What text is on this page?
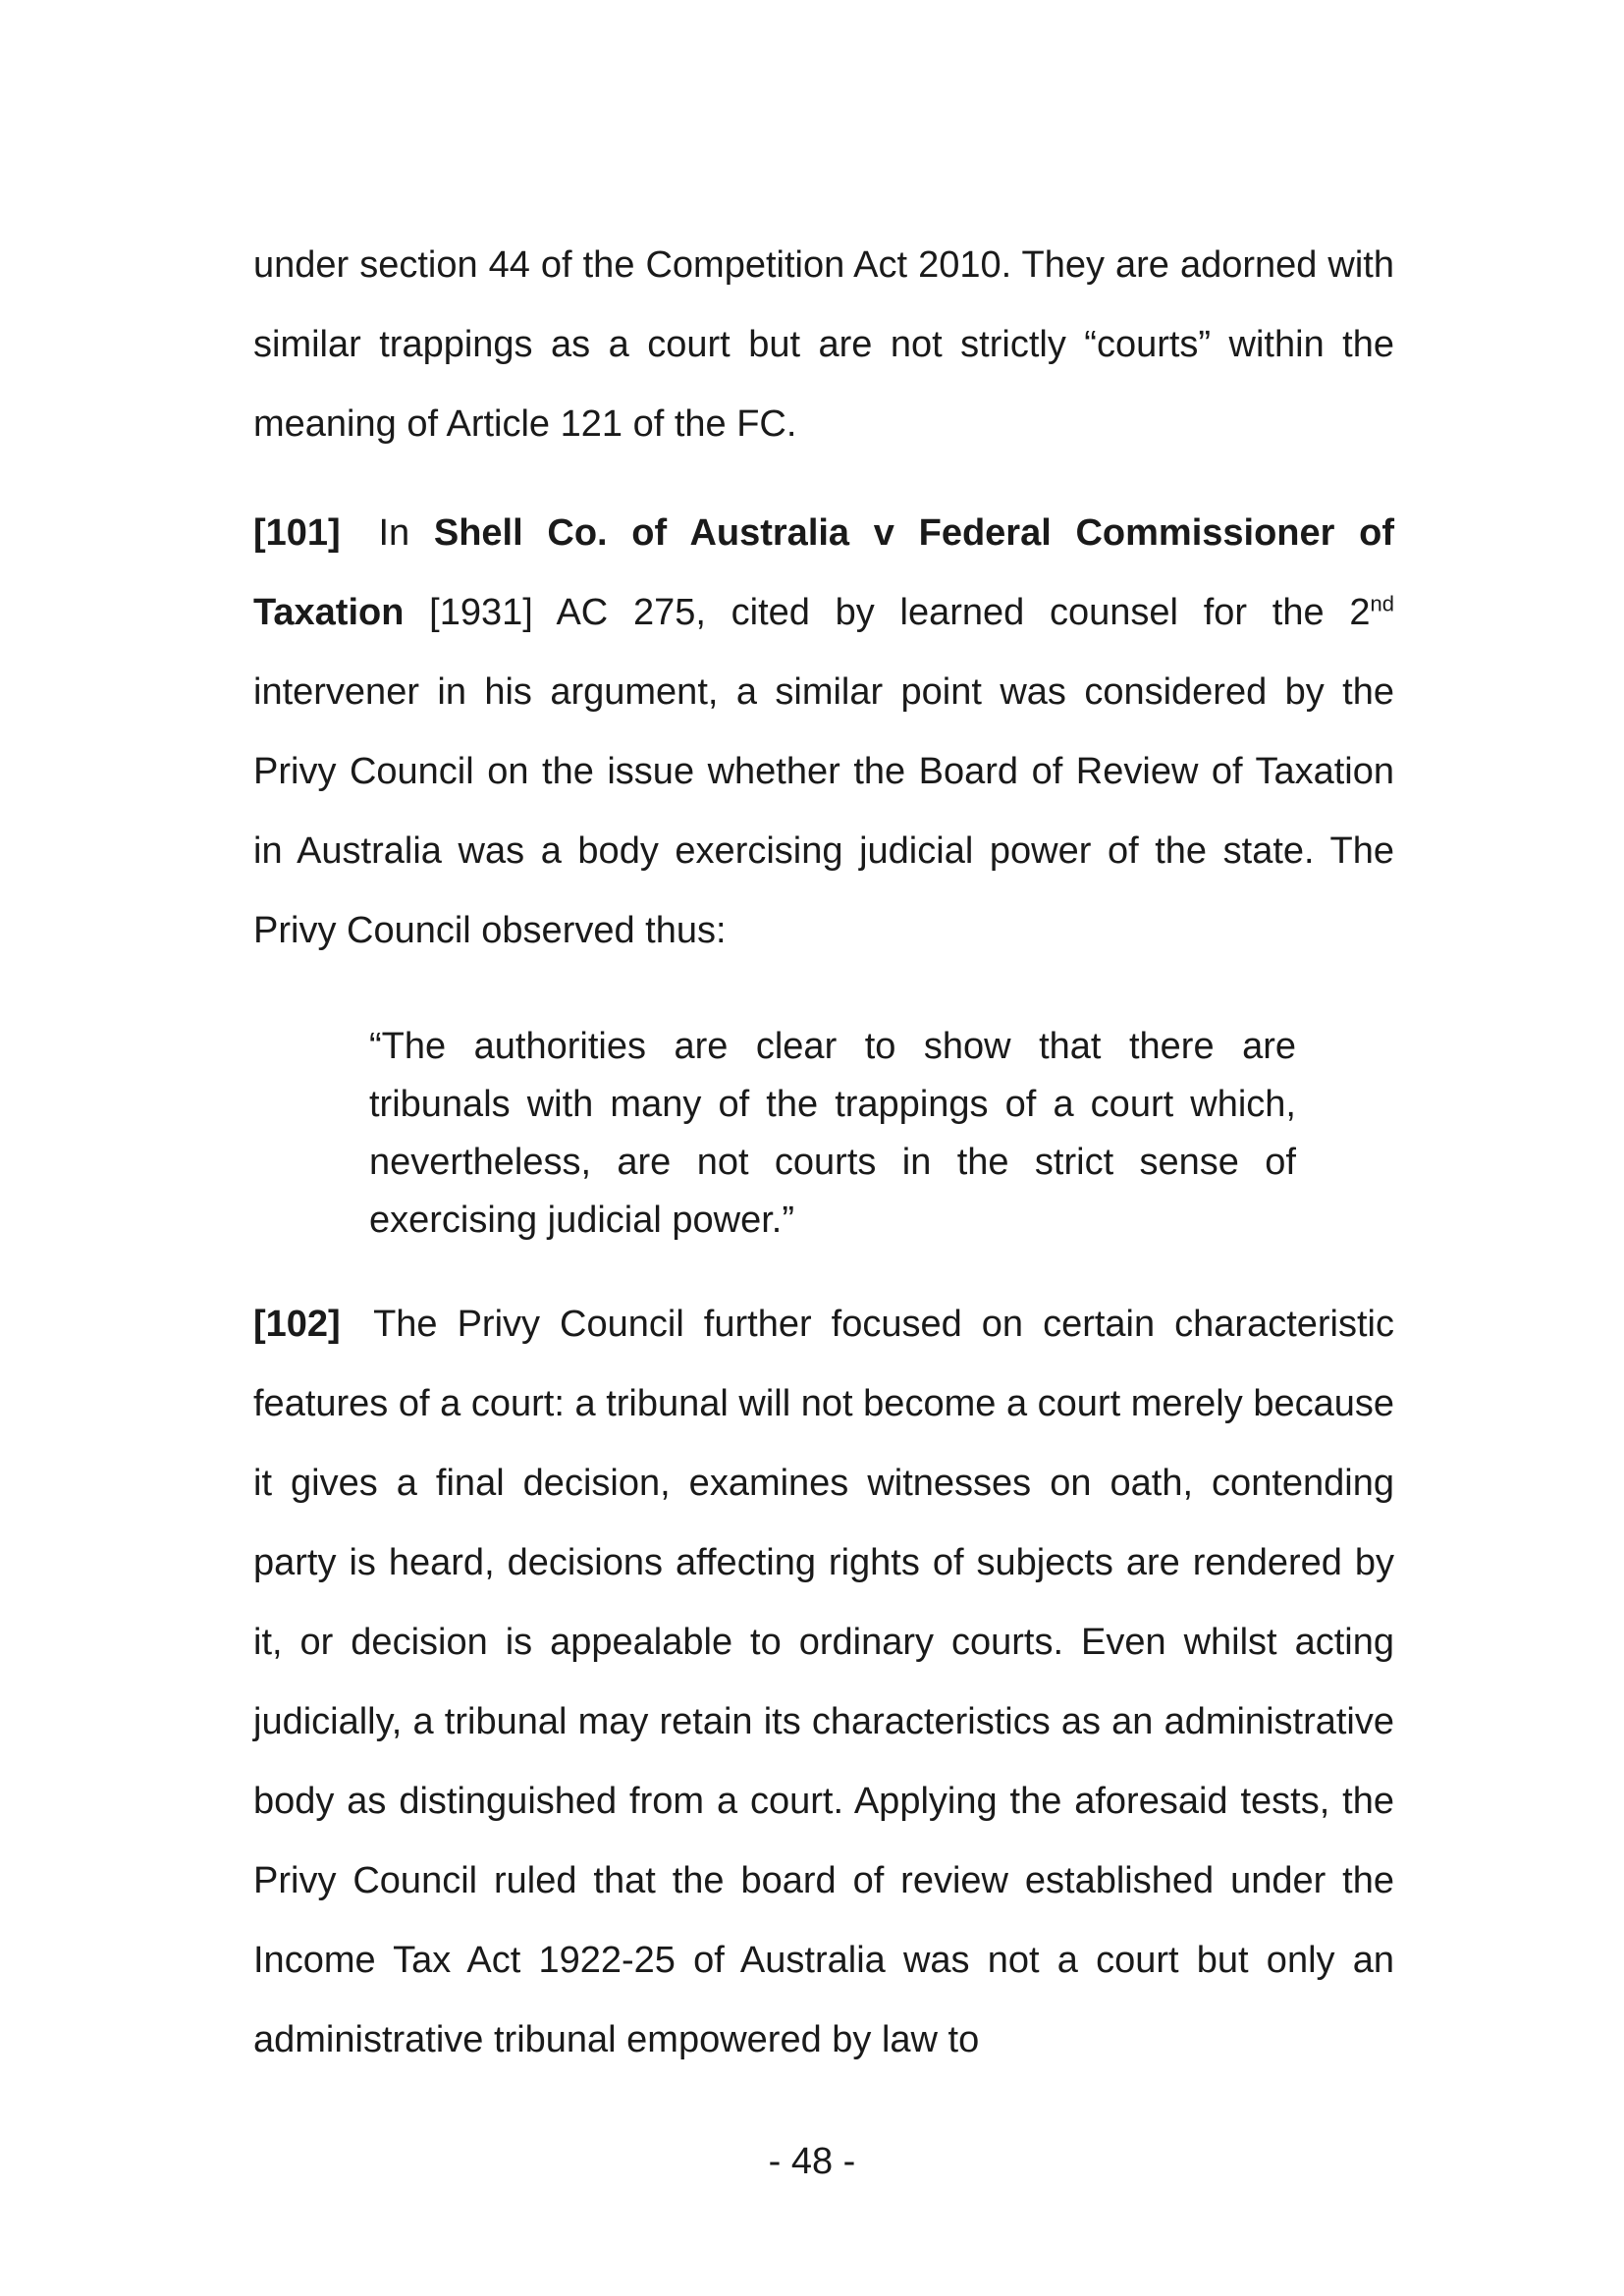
under section 44 of the Competition Act 2010. They are adorned with similar trappings as a court but are not strictly “courts” within the meaning of Article 121 of the FC.

[101] In Shell Co. of Australia v Federal Commissioner of Taxation [1931] AC 275, cited by learned counsel for the 2nd intervener in his argument, a similar point was considered by the Privy Council on the issue whether the Board of Review of Taxation in Australia was a body exercising judicial power of the state. The Privy Council observed thus:

“The authorities are clear to show that there are tribunals with many of the trappings of a court which, nevertheless, are not courts in the strict sense of exercising judicial power.”

[102] The Privy Council further focused on certain characteristic features of a court: a tribunal will not become a court merely because it gives a final decision, examines witnesses on oath, contending party is heard, decisions affecting rights of subjects are rendered by it, or decision is appealable to ordinary courts. Even whilst acting judicially, a tribunal may retain its characteristics as an administrative body as distinguished from a court. Applying the aforesaid tests, the Privy Council ruled that the board of review established under the Income Tax Act 1922-25 of Australia was not a court but only an administrative tribunal empowered by law to

- 48 -
